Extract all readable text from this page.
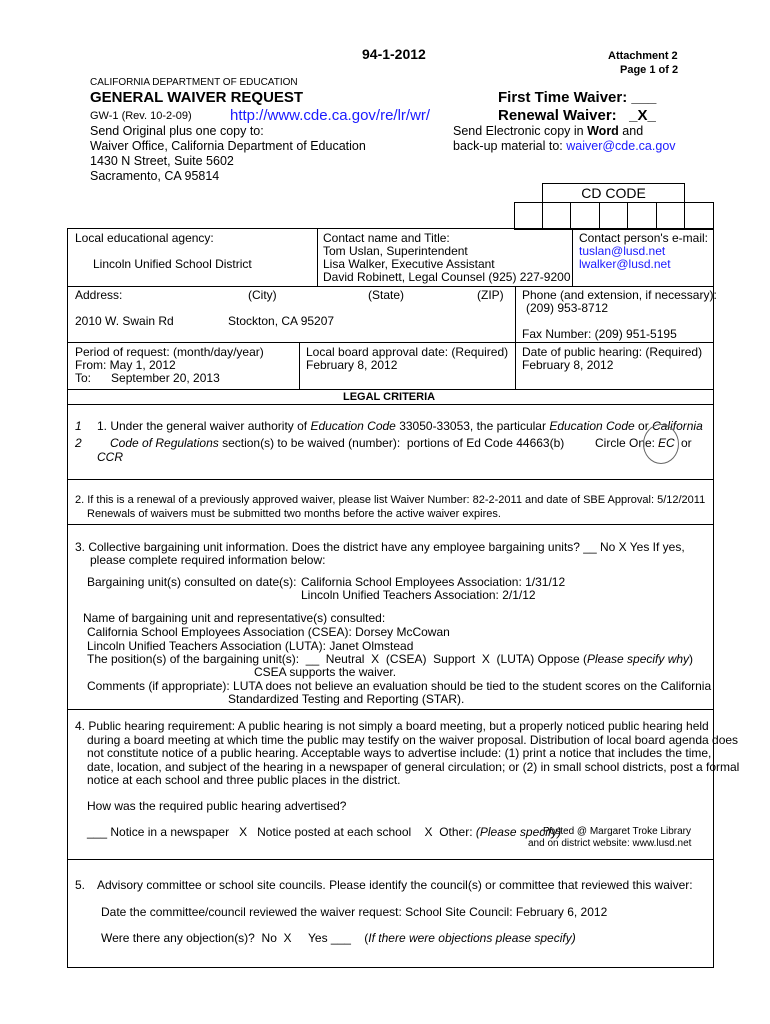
94-1-2012	Attachment 2
Page 1 of 2
CALIFORNIA DEPARTMENT OF EDUCATION
GENERAL WAIVER REQUEST
GW-1 (Rev. 10-2-09)	http://www.cde.ca.gov/re/lr/wr/
First Time Waiver: ___
Renewal Waiver:   _X_
Send Original plus one copy to:
Waiver Office, California Department of Education
1430 N Street, Suite 5602
Sacramento, CA 95814
Send Electronic copy in Word and
back-up material to: waiver@cde.ca.gov
CD CODE
Local educational agency:
Lincoln Unified School District
Contact name and Title:
Tom Uslan, Superintendent
Lisa Walker, Executive Assistant
David Robinett, Legal Counsel (925) 227-9200
Contact person's e-mail:
tuslan@lusd.net
lwalker@lusd.net
Address:	(City)	(State)	(ZIP)
2010 W. Swain Rd	Stockton, CA 95207
Phone (and extension, if necessary):
(209) 953-8712
Fax Number: (209) 951-5195
Period of request: (month/day/year)
From: May 1, 2012
To:      September 20, 2013
Local board approval date: (Required)
February 8, 2012
Date of public hearing: (Required)
February 8, 2012
LEGAL CRITERIA
1
2
1. Under the general waiver authority of Education Code 33050-33053, the particular Education Code or California
Code of Regulations section(s) to be waived (number):  portions of Ed Code 44663(b)	Circle One: EC or
CCR
2. If this is a renewal of a previously approved waiver, please list Waiver Number: 82-2-2011 and date of SBE Approval: 5/12/2011
Renewals of waivers must be submitted two months before the active waiver expires.
3. Collective bargaining unit information. Does the district have any employee bargaining units? __ No X Yes If yes,
please complete required information below:
Bargaining unit(s) consulted on date(s): California School Employees Association: 1/31/12
Lincoln Unified Teachers Association: 2/1/12
Name of bargaining unit and representative(s) consulted:
California School Employees Association (CSEA): Dorsey McCowan
Lincoln Unified Teachers Association (LUTA): Janet Olmstead
The position(s) of the bargaining unit(s):  __  Neutral  X  (CSEA)  Support  X  (LUTA) Oppose (Please specify why)
CSEA supports the waiver.
Comments (if appropriate): LUTA does not believe an evaluation should be tied to the student scores on the California
Standardized Testing and Reporting (STAR).
4. Public hearing requirement: A public hearing is not simply a board meeting, but a properly noticed public hearing held
during a board meeting at which time the public may testify on the waiver proposal. Distribution of local board agenda does
not constitute notice of a public hearing. Acceptable ways to advertise include: (1) print a notice that includes the time,
date, location, and subject of the hearing in a newspaper of general circulation; or (2) in small school districts, post a formal
notice at each school and three public places in the district.
How was the required public hearing advertised?
___ Notice in a newspaper   X   Notice posted at each school    X  Other: (Please specify)
Posted @ Margaret Troke Library
and on district website: www.lusd.net
5. Advisory committee or school site councils. Please identify the council(s) or committee that reviewed this waiver:
Date the committee/council reviewed the waiver request: School Site Council: February 6, 2012
Were there any objection(s)?  No  X     Yes ___    (If there were objections please specify)
